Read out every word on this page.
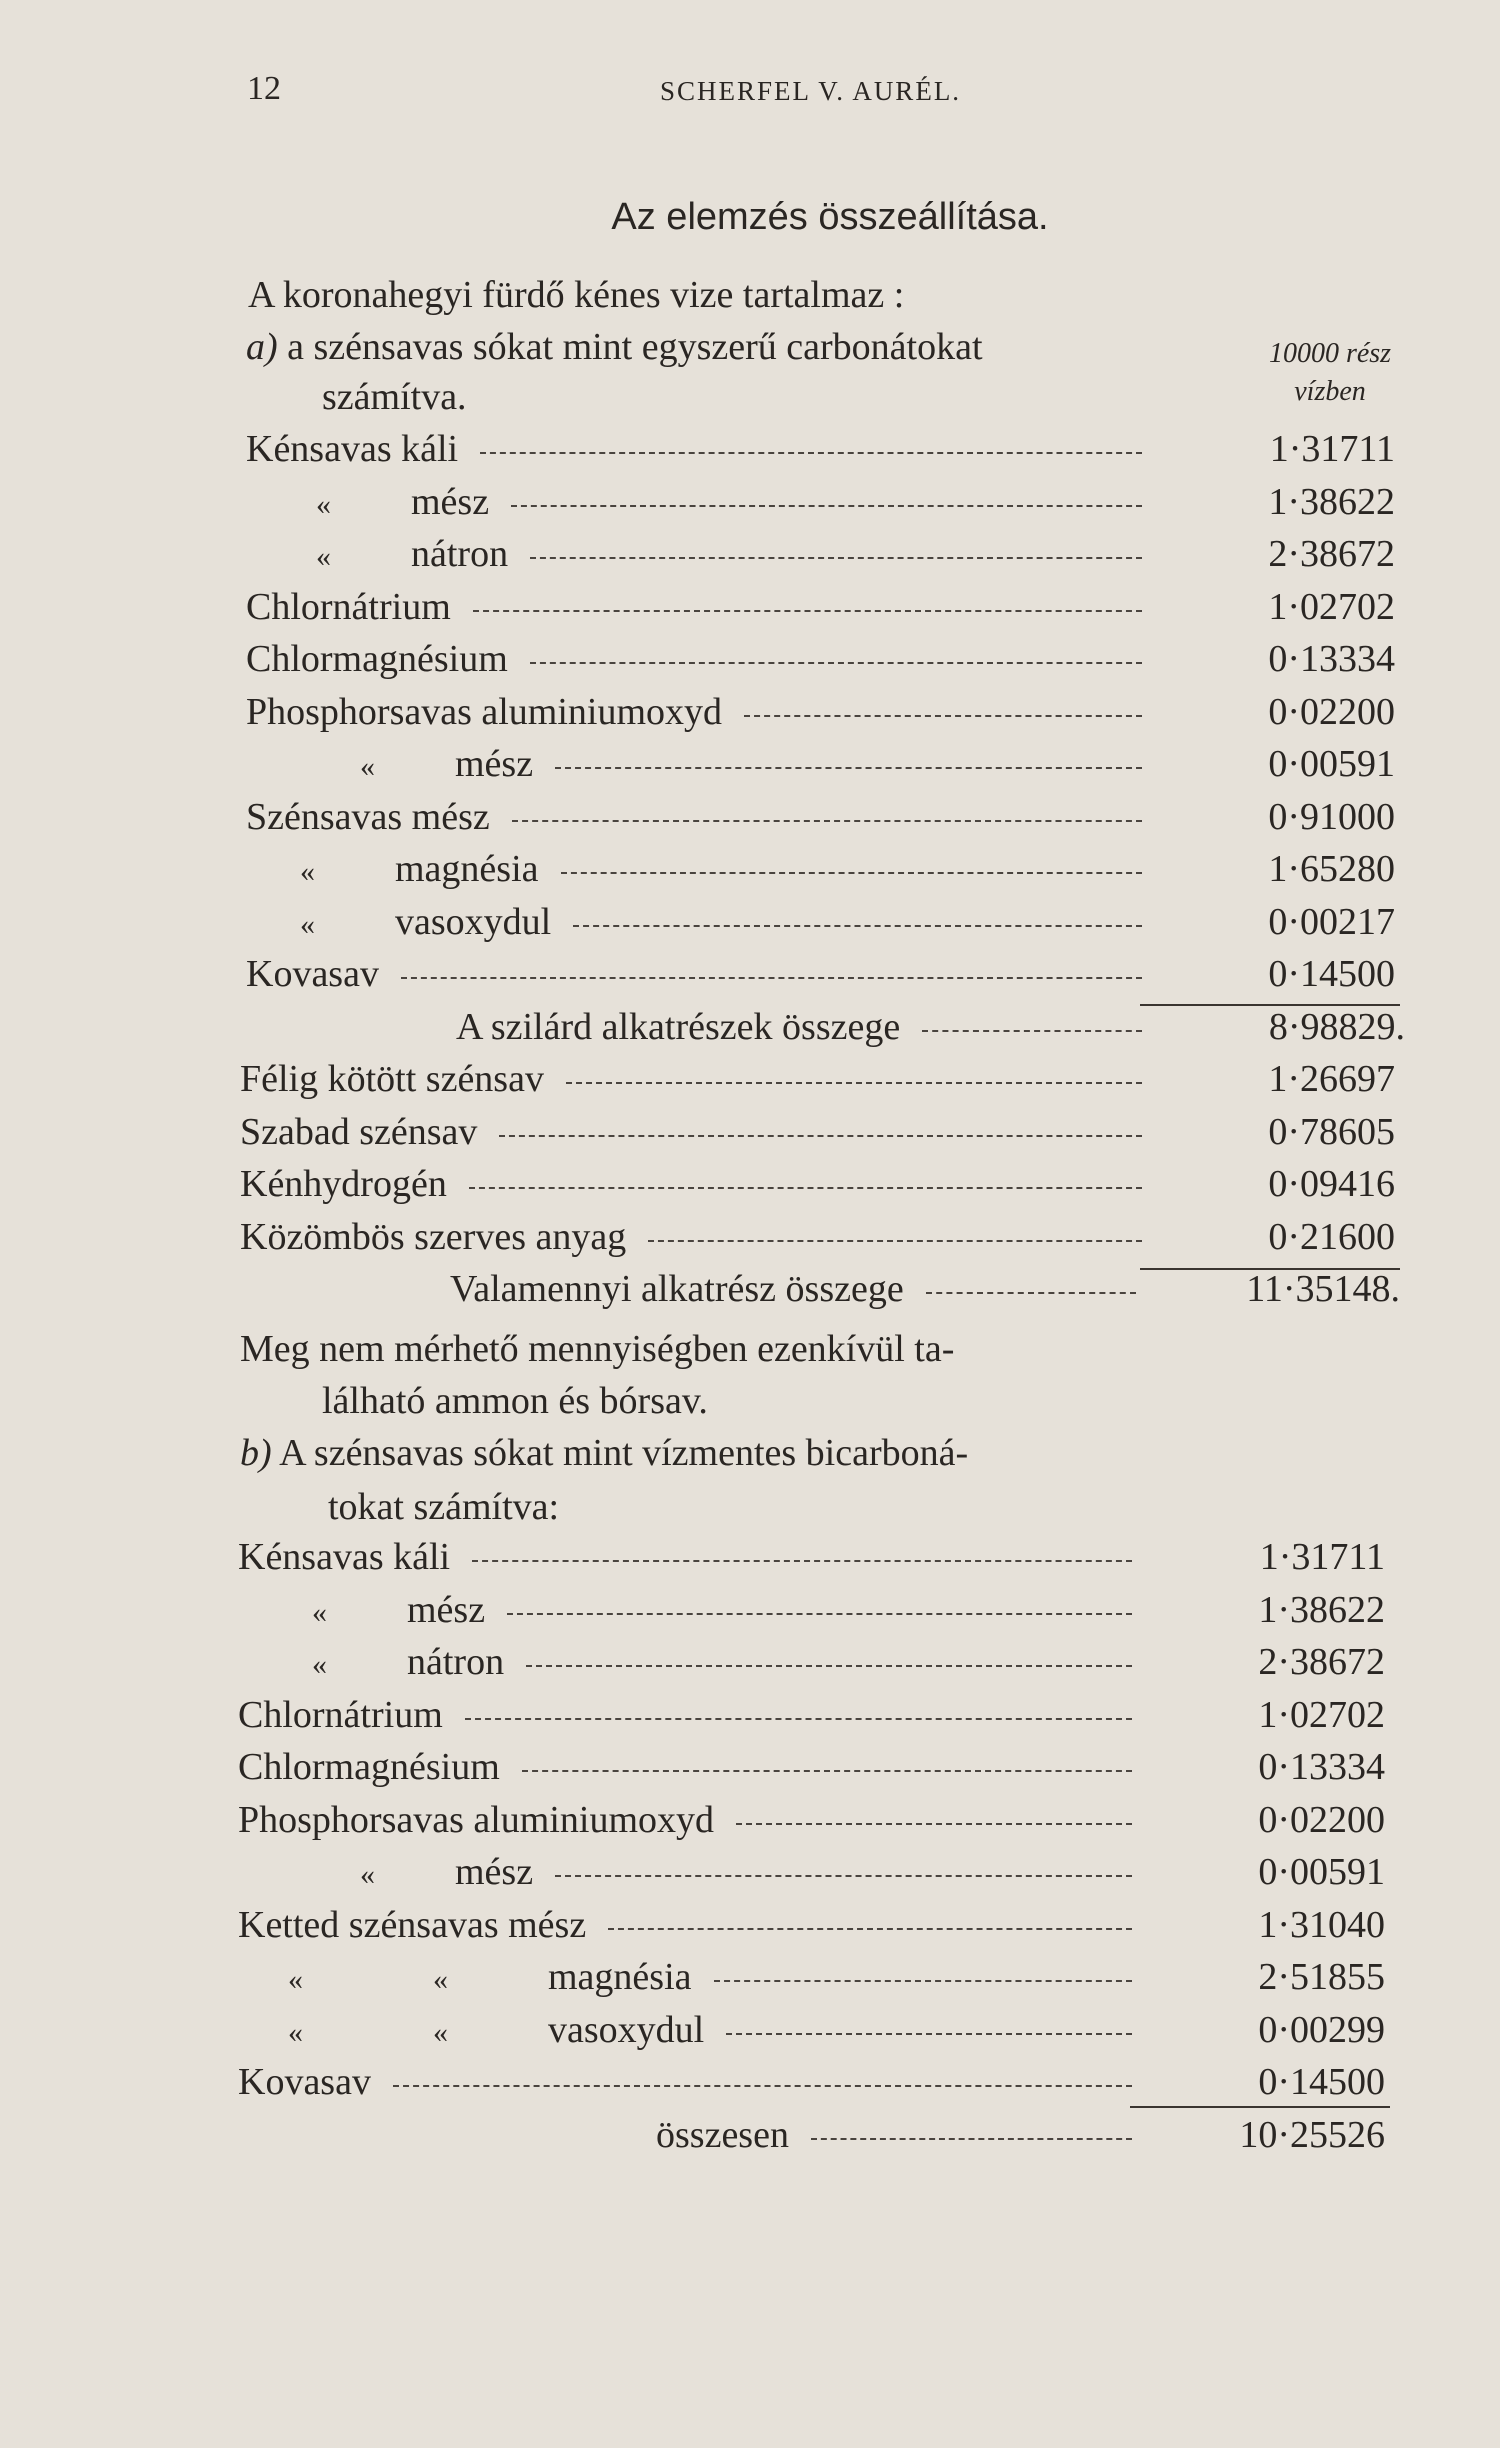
12	SCHERFEL V. AURÉL.
Az elemzés összeállítása.
A koronahegyi fürdő kénes vize tartalmaz :
a) a szénsavas sókat mint egyszerű carbonátokat
számítva.
10000 rész
vízben
Kénsavas káli	1·31711
« mész	1·38622
« nátron	2·38672
Chlornátrium	1·02702
Chlormagnésium	0·13334
Phosphorsavas aluminiumoxyd	0·02200
« mész	0·00591
Szénsavas mész	0·91000
« magnésia	1·65280
« vasoxydul	0·00217
Kovasav	0·14500
A szilárd alkatrészek összege	8·98829.
Félig kötött szénsav	1·26697
Szabad szénsav	0·78605
Kénhydrogén	0·09416
Közömbös szerves anyag	0·21600
Valamennyi alkatrész összege	11·35148.
Kénsavas káli	1·31711
« mész	1·38622
« nátron	2·38672
Chlornátrium	1·02702
Chlormagnésium	0·13334
Phosphorsavas aluminiumoxyd	0·02200
« mész	0·00591
Ketted szénsavas mész	1·31040
«	«	magnésia	2·51855
«	«	vasoxydul	0·00299
Kovasav	0·14500
összesen	10·25526
Meg nem mérhető mennyiségben ezenkívül ta-
lálható ammon és bórsav.
b) A szénsavas sókat mint vízmentes bicarboná-
tokat számítva:
